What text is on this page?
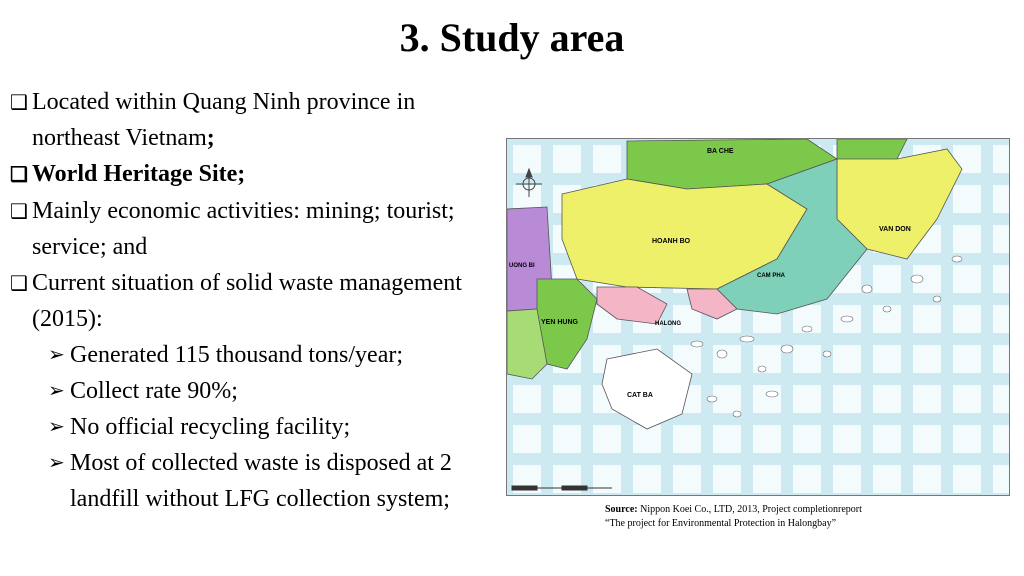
3. Study area
❑ Located within Quang Ninh province in northeast Vietnam;
❑ World Heritage Site;
❑ Mainly economic activities: mining; tourist; service; and
❑ Current situation of solid waste management (2015):
➢ Generated 115 thousand tons/year;
➢ Collect rate 90%;
➢ No official recycling facility;
➢ Most of collected waste is disposed at 2 landfill without LFG collection system;
BA CHE
HOANH BO
VAN DON
CAM PHA
HALONG
YEN HUNG
UONG BI
CAT BA
Source: Nippon Koei Co., LTD, 2013, Project completionreport
“The project for Environmental Protection in Halongbay”
